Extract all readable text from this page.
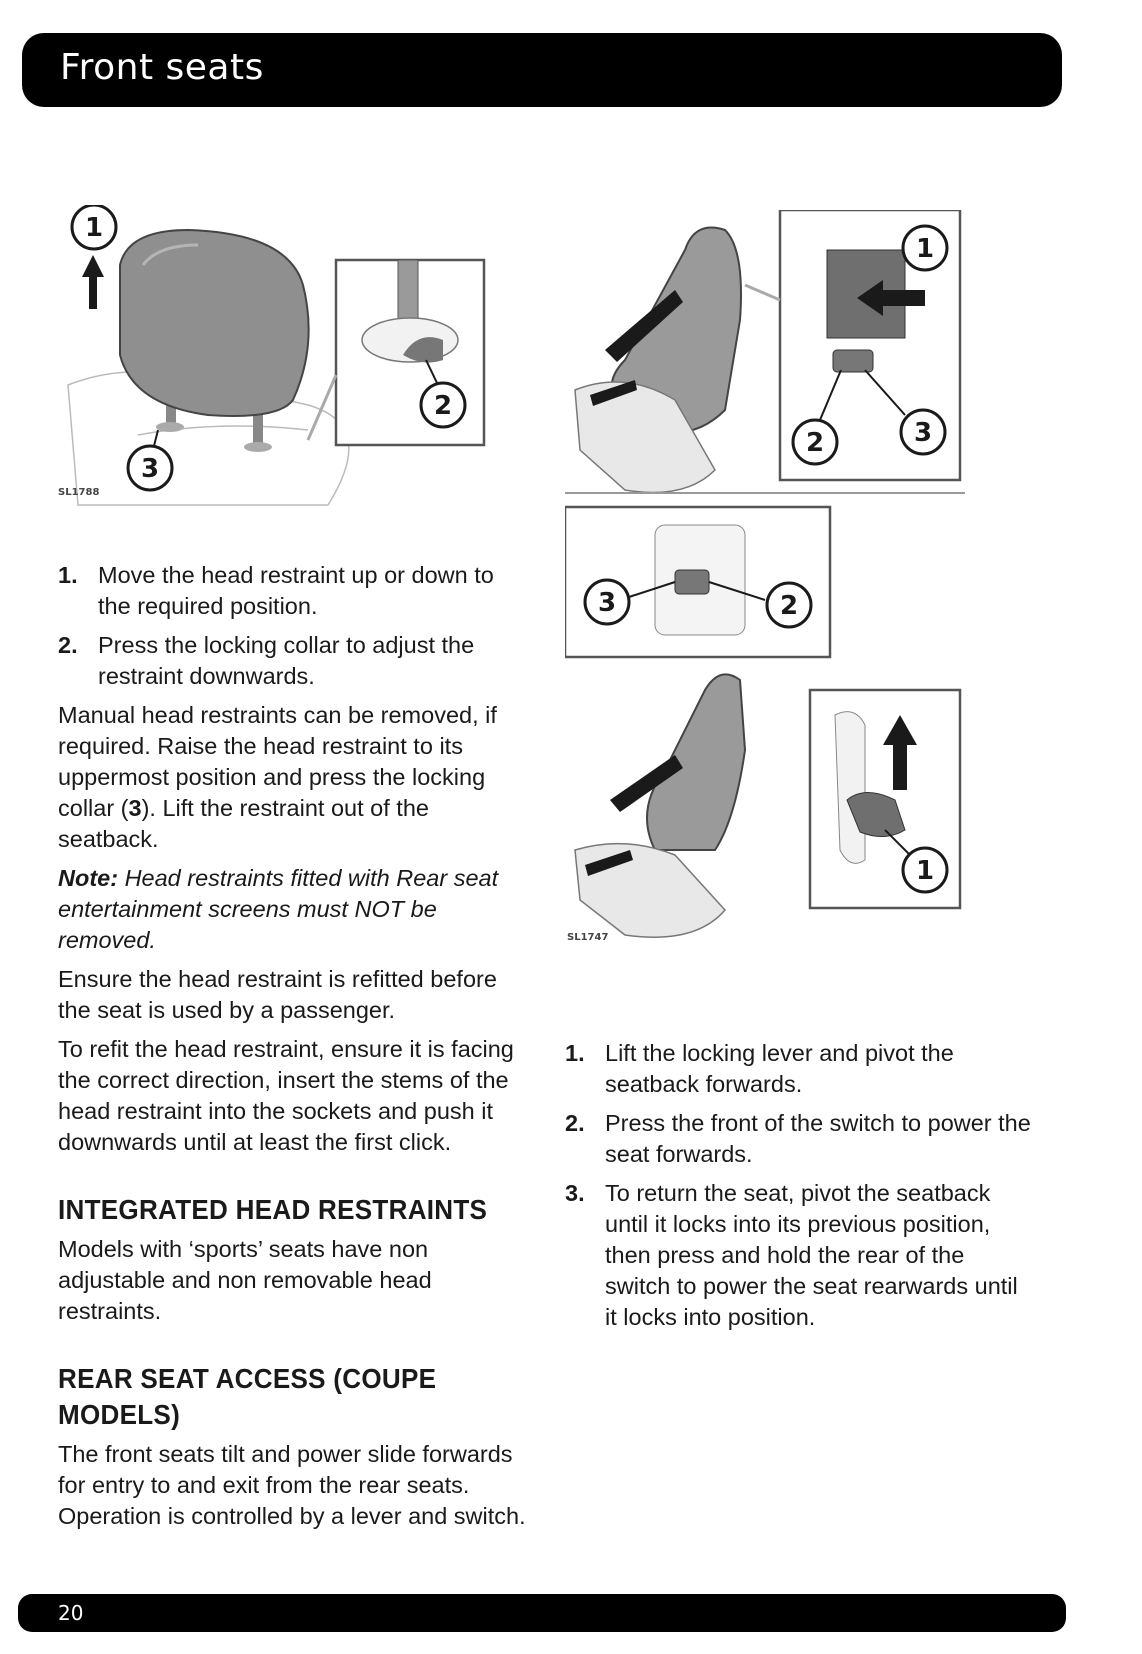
Front seats
1
2
3
SL1788
1
2	3
3	2
1
SL1747
1. Move the head restraint up or down to the required position.
2. Press the locking collar to adjust the restraint downwards.

Manual head restraints can be removed, if required. Raise the head restraint to its uppermost position and press the locking collar (3). Lift the restraint out of the seatback.

Note: Head restraints fitted with Rear seat entertainment screens must NOT be removed.

Ensure the head restraint is refitted before the seat is used by a passenger.

To refit the head restraint, ensure it is facing the correct direction, insert the stems of the head restraint into the sockets and push it downwards until at least the first click.

INTEGRATED HEAD RESTRAINTS

Models with ‘sports’ seats have non adjustable and non removable head restraints.

REAR SEAT ACCESS (COUPE MODELS)

The front seats tilt and power slide forwards for entry to and exit from the rear seats. Operation is controlled by a lever and switch.

1. Lift the locking lever and pivot the seatback forwards.
2. Press the front of the switch to power the seat forwards.
3. To return the seat, pivot the seatback until it locks into its previous position, then press and hold the rear of the switch to power the seat rearwards until it locks into position.
20
